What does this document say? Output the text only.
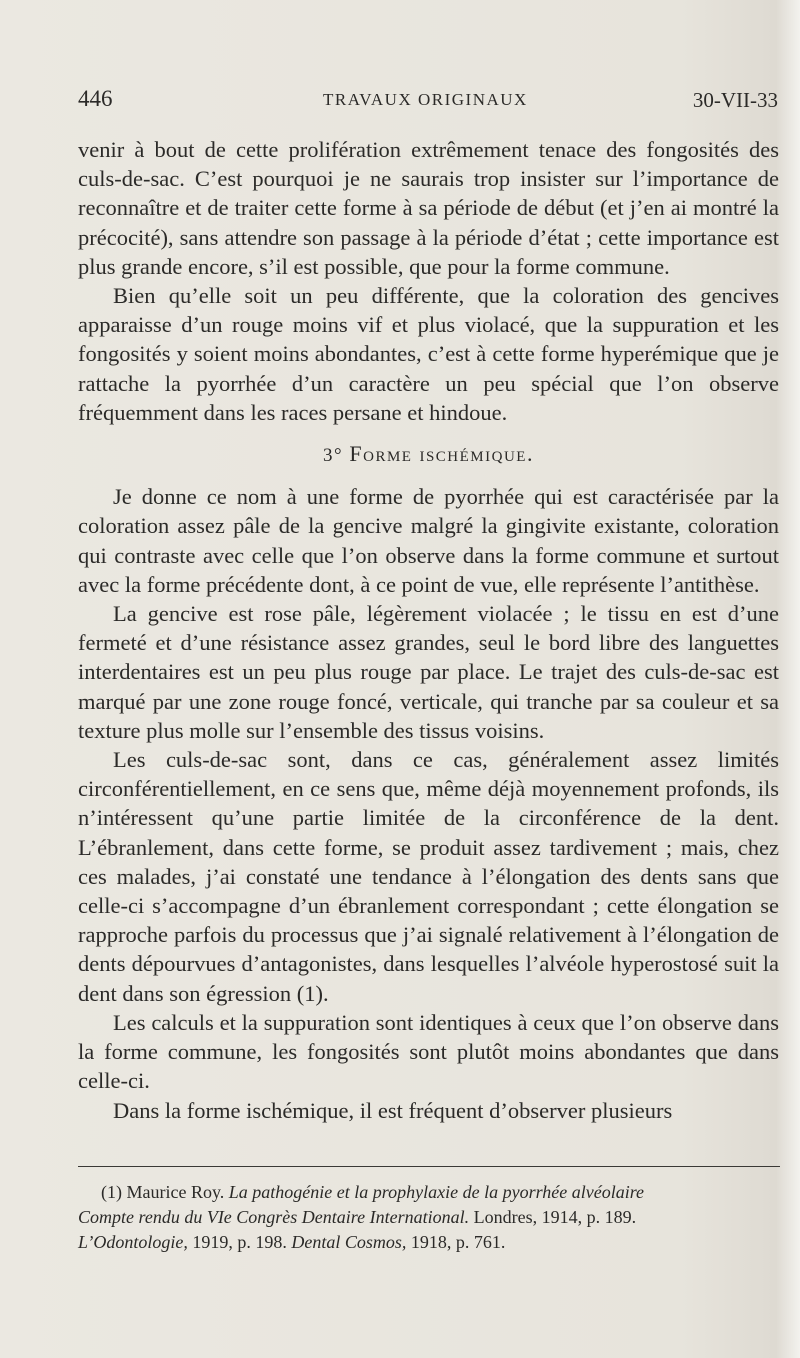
446	TRAVAUX ORIGINAUX	30-VII-33

venir à bout de cette prolifération extrêmement tenace des fongosités des culs-de-sac. C’est pourquoi je ne saurais trop insister sur l’importance de reconnaître et de traiter cette forme à sa période de début (et j’en ai montré la précocité), sans attendre son passage à la période d’état ; cette importance est plus grande encore, s’il est possible, que pour la forme commune.

Bien qu’elle soit un peu différente, que la coloration des gencives apparaisse d’un rouge moins vif et plus violacé, que la suppuration et les fongosités y soient moins abondantes, c’est à cette forme hyperémique que je rattache la pyorrhée d’un caractère un peu spécial que l’on observe fréquemment dans les races persane et hindoue.

3° Forme ischémique.

Je donne ce nom à une forme de pyorrhée qui est caractérisée par la coloration assez pâle de la gencive malgré la gingivite existante, coloration qui contraste avec celle que l’on observe dans la forme commune et surtout avec la forme précédente dont, à ce point de vue, elle représente l’antithèse.

La gencive est rose pâle, légèrement violacée ; le tissu en est d’une fermeté et d’une résistance assez grandes, seul le bord libre des languettes interdentaires est un peu plus rouge par place. Le trajet des culs-de-sac est marqué par une zone rouge foncé, verticale, qui tranche par sa couleur et sa texture plus molle sur l’ensemble des tissus voisins.

Les culs-de-sac sont, dans ce cas, généralement assez limités circonférentiellement, en ce sens que, même déjà moyennement profonds, ils n’intéressent qu’une partie limitée de la circonférence de la dent. L’ébranlement, dans cette forme, se produit assez tardivement ; mais, chez ces malades, j’ai constaté une tendance à l’élongation des dents sans que celle-ci s’accompagne d’un ébranlement correspondant ; cette élongation se rapproche parfois du processus que j’ai signalé relativement à l’élongation de dents dépourvues d’antagonistes, dans lesquelles l’alvéole hyperostosé suit la dent dans son égression (1).

Les calculs et la suppuration sont identiques à ceux que l’on observe dans la forme commune, les fongosités sont plutôt moins abondantes que dans celle-ci.

Dans la forme ischémique, il est fréquent d’observer plusieurs

(1) Maurice Roy. La pathogénie et la prophylaxie de la pyorrhée alvéolaire
Compte rendu du VIe Congrès Dentaire International. Londres, 1914, p. 189.
L’Odontologie, 1919, p. 198. Dental Cosmos, 1918, p. 761.
